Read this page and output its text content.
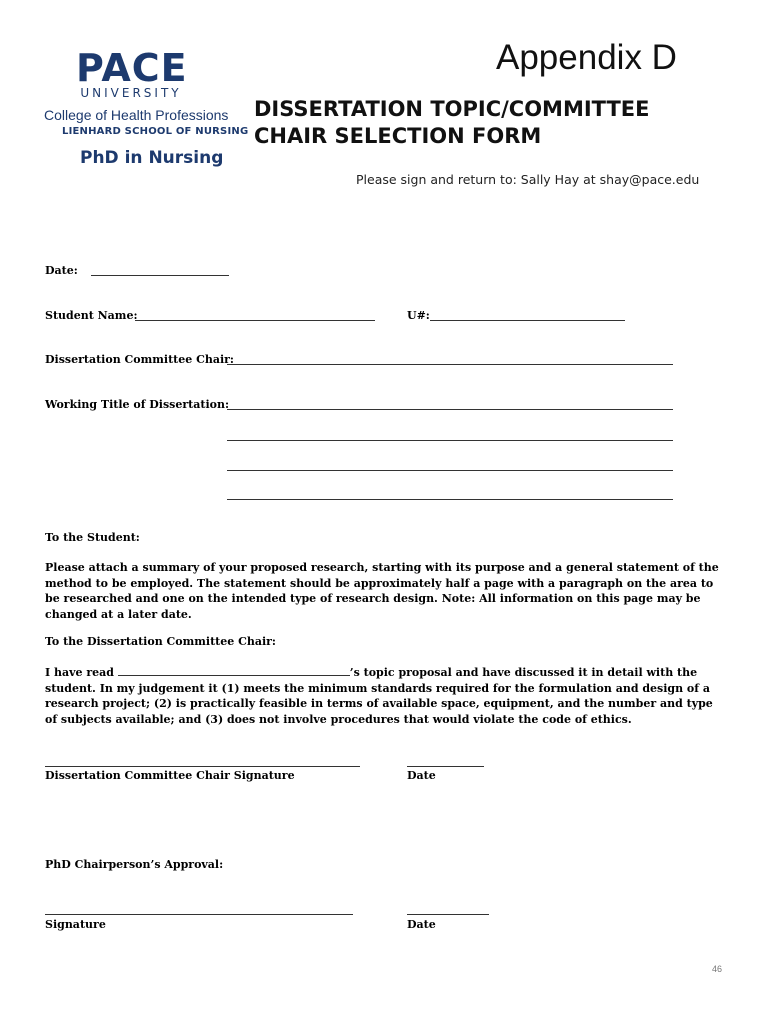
PACE
UNIVERSITY
College of Health Professions
LIENHARD SCHOOL OF NURSING
PhD in Nursing
Appendix D
DISSERTATION TOPIC/COMMITTEE
CHAIR SELECTION FORM
Please sign and return to: Sally Hay at shay@pace.edu
Date:
Student Name:	U#:
Dissertation Committee Chair:
Working Title of Dissertation:
To the Student:
Please attach a summary of your proposed research, starting with its purpose and a general statement of the method to be employed. The statement should be approximately half a page with a paragraph on the area to be researched and one on the intended type of research design. Note: All information on this page may be changed at a later date.
To the Dissertation Committee Chair:
I have read	’s topic proposal and have discussed it in detail with the student. In my judgement it (1) meets the minimum standards required for the formulation and design of a research project; (2) is practically feasible in terms of available space, equipment, and the number and type of subjects available; and (3) does not involve procedures that would violate the code of ethics.
Dissertation Committee Chair Signature	Date
PhD Chairperson’s Approval:
Signature	Date
46
